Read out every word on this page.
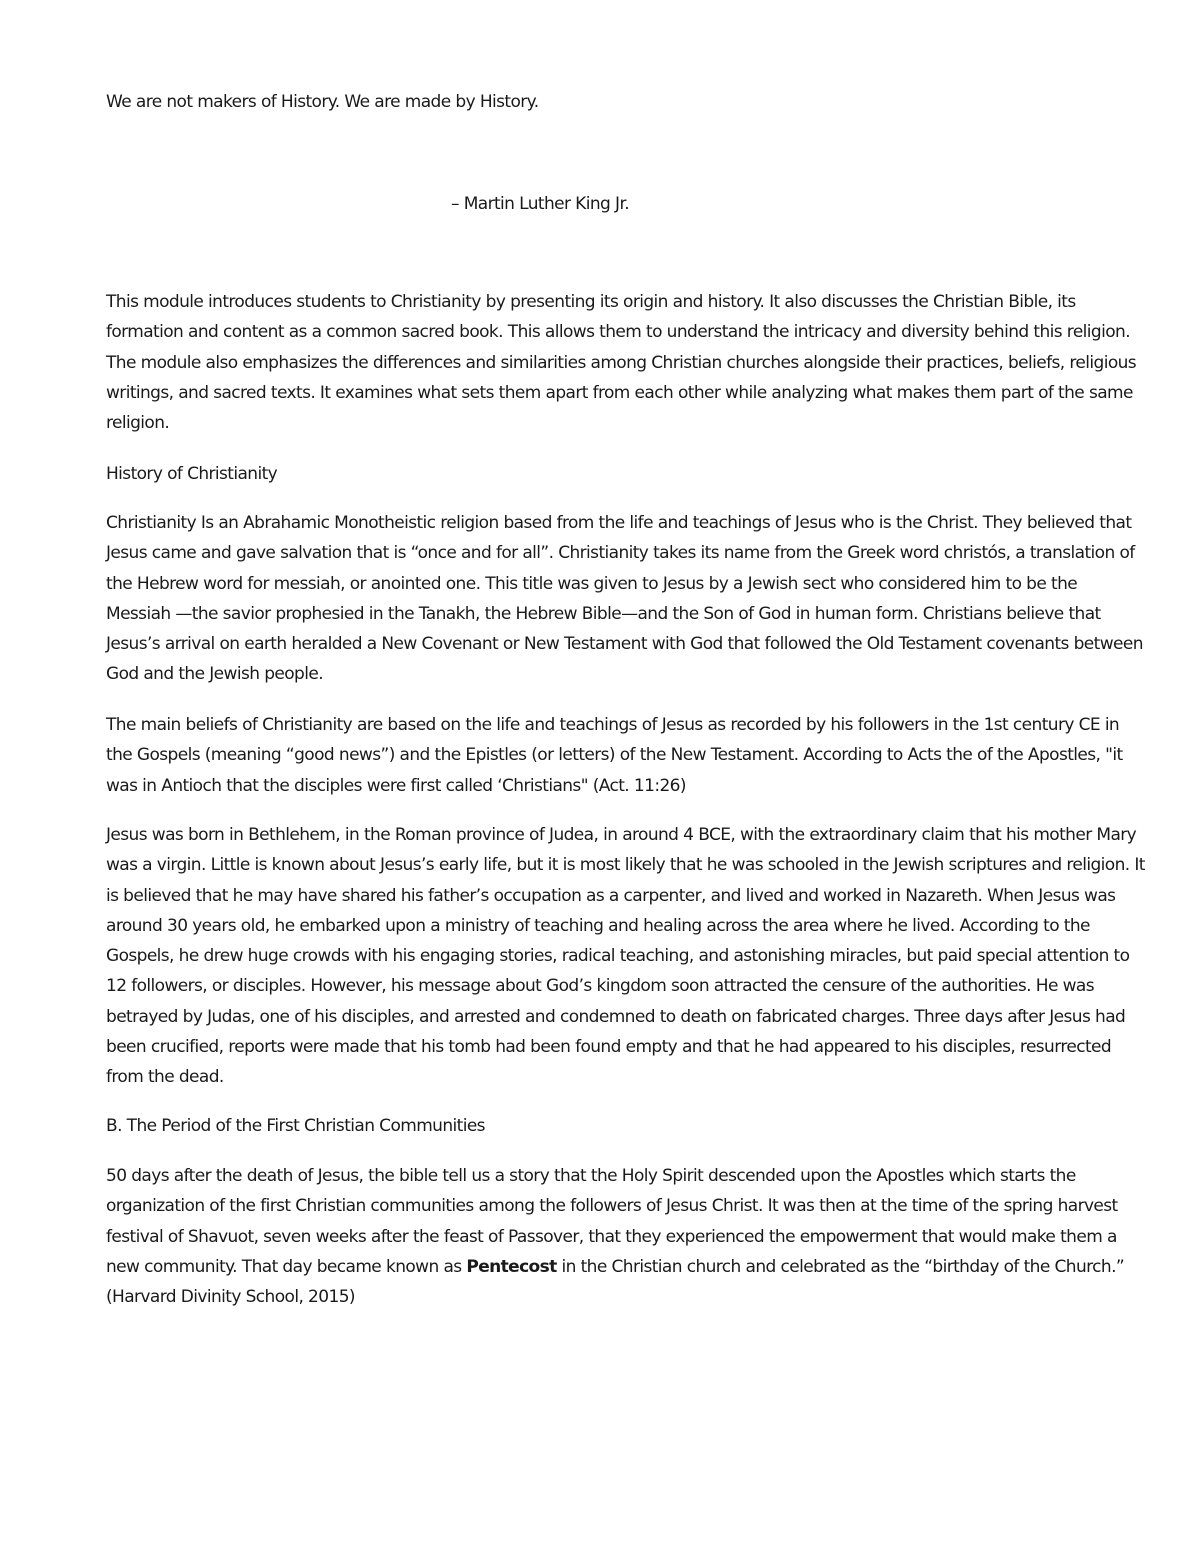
We are not makers of History. We are made by History.

– Martin Luther King Jr.

This module introduces students to Christianity by presenting its origin and history. It also discusses the Christian Bible, its formation and content as a common sacred book. This allows them to understand the intricacy and diversity behind this religion. The module also emphasizes the differences and similarities among Christian churches alongside their practices, beliefs, religious writings, and sacred texts. It examines what sets them apart from each other while analyzing what makes them part of the same religion.

History of Christianity

Christianity Is an Abrahamic Monotheistic religion based from the life and teachings of Jesus who is the Christ. They believed that Jesus came and gave salvation that is “once and for all”. Christianity takes its name from the Greek word christós, a translation of the Hebrew word for messiah, or anointed one. This title was given to Jesus by a Jewish sect who considered him to be the Messiah —the savior prophesied in the Tanakh, the Hebrew Bible—and the Son of God in human form. Christians believe that Jesus’s arrival on earth heralded a New Covenant or New Testament with God that followed the Old Testament covenants between God and the Jewish people.

The main beliefs of Christianity are based on the life and teachings of Jesus as recorded by his followers in the 1st century CE in the Gospels (meaning “good news”) and the Epistles (or letters) of the New Testament. According to Acts the of the Apostles, "it was in Antioch that the disciples were first called ‘Christians" (Act. 11:26)

Jesus was born in Bethlehem, in the Roman province of Judea, in around 4 BCE, with the extraordinary claim that his mother Mary was a virgin. Little is known about Jesus’s early life, but it is most likely that he was schooled in the Jewish scriptures and religion. It is believed that he may have shared his father’s occupation as a carpenter, and lived and worked in Nazareth. When Jesus was around 30 years old, he embarked upon a ministry of teaching and healing across the area where he lived. According to the Gospels, he drew huge crowds with his engaging stories, radical teaching, and astonishing miracles, but paid special attention to 12 followers, or disciples. However, his message about God’s kingdom soon attracted the censure of the authorities. He was betrayed by Judas, one of his disciples, and arrested and condemned to death on fabricated charges. Three days after Jesus had been crucified, reports were made that his tomb had been found empty and that he had appeared to his disciples, resurrected from the dead.

B. The Period of the First Christian Communities

50 days after the death of Jesus, the bible tell us a story that the Holy Spirit descended upon the Apostles which starts the organization of the first Christian communities among the followers of Jesus Christ. It was then at the time of the spring harvest festival of Shavuot, seven weeks after the feast of Passover, that they experienced the empowerment that would make them a new community. That day became known as Pentecost in the Christian church and celebrated as the “birthday of the Church.” (Harvard Divinity School, 2015)
